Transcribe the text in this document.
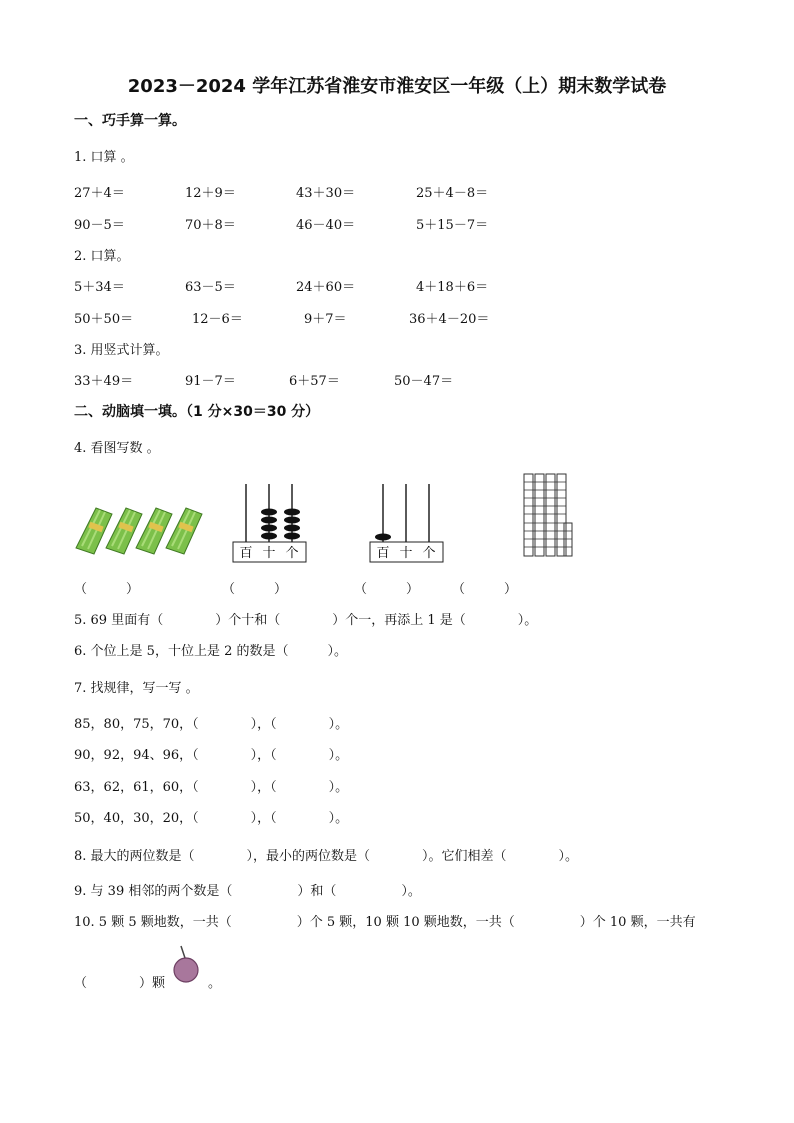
2023－2024 学年江苏省淮安市淮安区一年级（上）期末数学试卷
一、巧手算一算。
1. 口算 。
27＋4＝	12＋9＝	43＋30＝	25＋4－8＝
90－5＝	70＋8＝	46－40＝	5＋15－7＝
2. 口算。
5＋34＝	63－5＝	24＋60＝	4＋18＋6＝
50＋50＝	12－6＝	9＋7＝	36＋4－20＝
3. 用竖式计算。
33＋49＝	91－7＝	6＋57＝	50－47＝
二、动脑填一填。（1 分×30＝30 分）
4. 看图写数 。
百 十 个	百 十 个
（　　　）	（　　　）	（　　　）	（　　　）
5. 69 里面有（　　　　）个十和（　　　　）个一，再添上 1 是（　　　　）。
6. 个位上是 5，十位上是 2 的数是（　　　）。
7. 找规律，写一写 。
85，80，75，70，（　　　　），（　　　　）。
90，92，94、96，（　　　　），（　　　　）。
63，62，61，60，（　　　　），（　　　　）。
50，40，30，20，（　　　　），（　　　　）。
8. 最大的两位数是（　　　　），最小的两位数是（　　　　）。它们相差（　　　　）。
9. 与 39 相邻的两个数是（　　　　　）和（　　　　　）。
10. 5 颗 5 颗地数，一共（　　　　　）个 5 颗，10 颗 10 颗地数，一共（　　　　　）个 10 颗，一共有
（　　　　）颗	。
